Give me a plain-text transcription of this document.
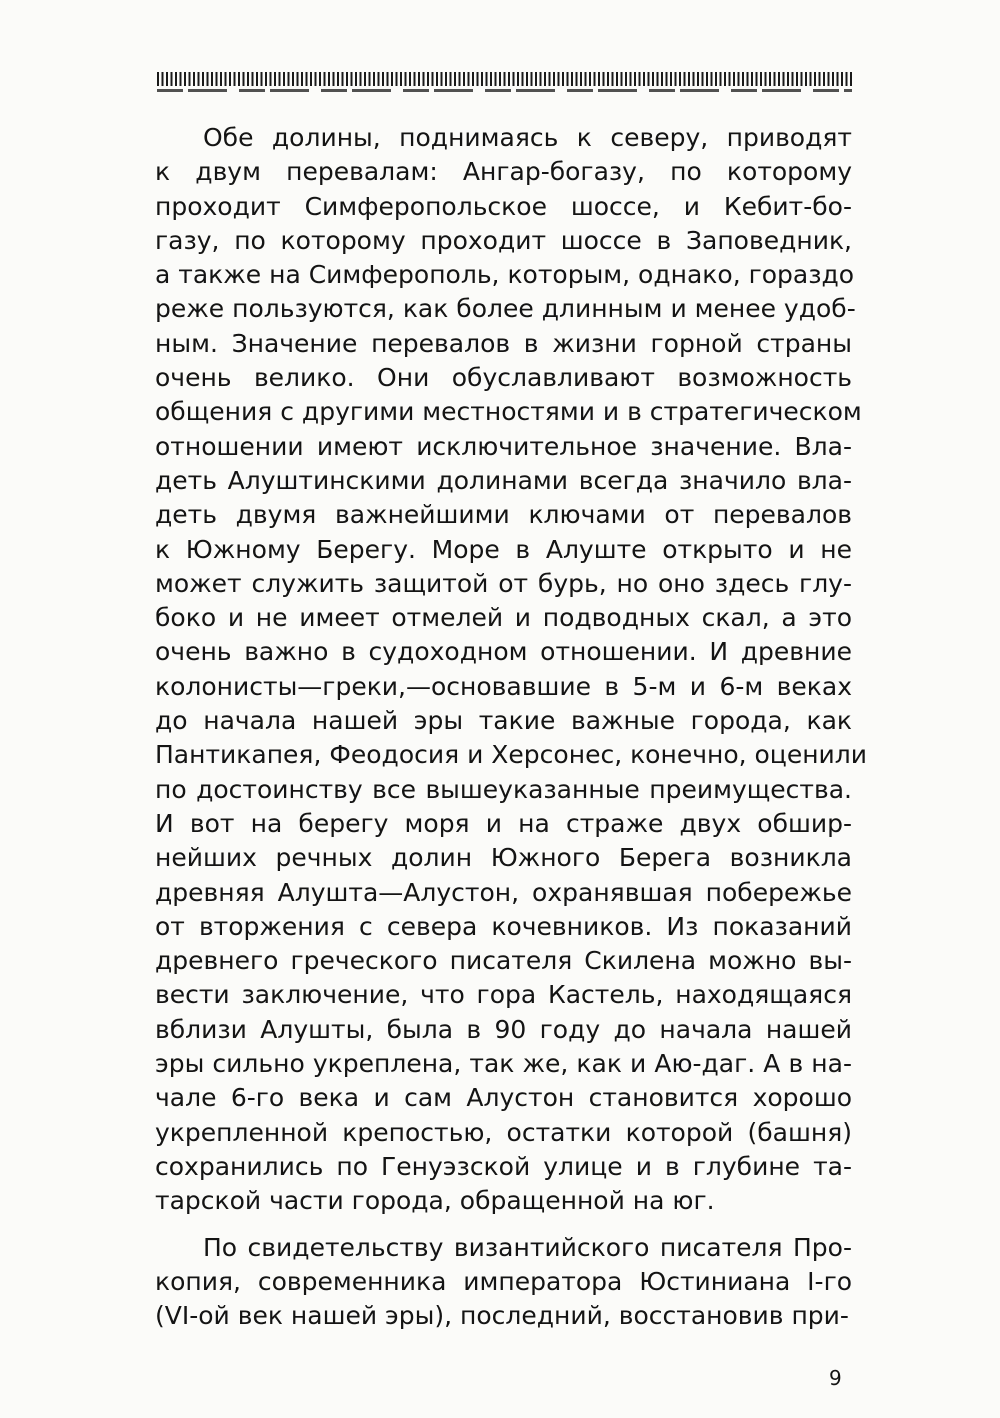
Обе долины, поднимаясь к северу, приводят
к двум перевалам: Ангар-богазу, по которому
проходит Симферопольское шоссе, и Кебит-бо-
газу, по которому проходит шоссе в Заповедник,
а также на Симферополь, которым, однако, гораздо
реже пользуются, как более длинным и менее удоб-
ным. Значение перевалов в жизни горной страны
очень велико. Они обуславливают возможность
общения с другими местностями и в стратегическом
отношении имеют исключительное значение. Вла-
деть Алуштинскими долинами всегда значило вла-
деть двумя важнейшими ключами от перевалов
к Южному Берегу. Море в Алуште открыто и не
может служить защитой от бурь, но оно здесь глу-
боко и не имеет отмелей и подводных скал, а это
очень важно в судоходном отношении. И древние
колонисты—греки,—основавшие в 5-м и 6-м веках
до начала нашей эры такие важные города, как
Пантикапея, Феодосия и Херсонес, конечно, оценили
по достоинству все вышеуказанные преимущества.
И вот на берегу моря и на страже двух обшир-
нейших речных долин Южного Берега возникла
древняя Алушта—Алустон, охранявшая побережье
от вторжения с севера кочевников. Из показаний
древнего греческого писателя Скилена можно вы-
вести заключение, что гора Кастель, находящаяся
вблизи Алушты, была в 90 году до начала нашей
эры сильно укреплена, так же, как и Аю-даг. А в на-
чале 6-го века и сам Алустон становится хорошо
укрепленной крепостью, остатки которой (башня)
сохранились по Генуэзской улице и в глубине та-
тарской части города, обращенной на юг.
По свидетельству византийского писателя Про-
копия, современника императора Юстиниана I-го
(VI-ой век нашей эры), последний, восстановив при-
9
